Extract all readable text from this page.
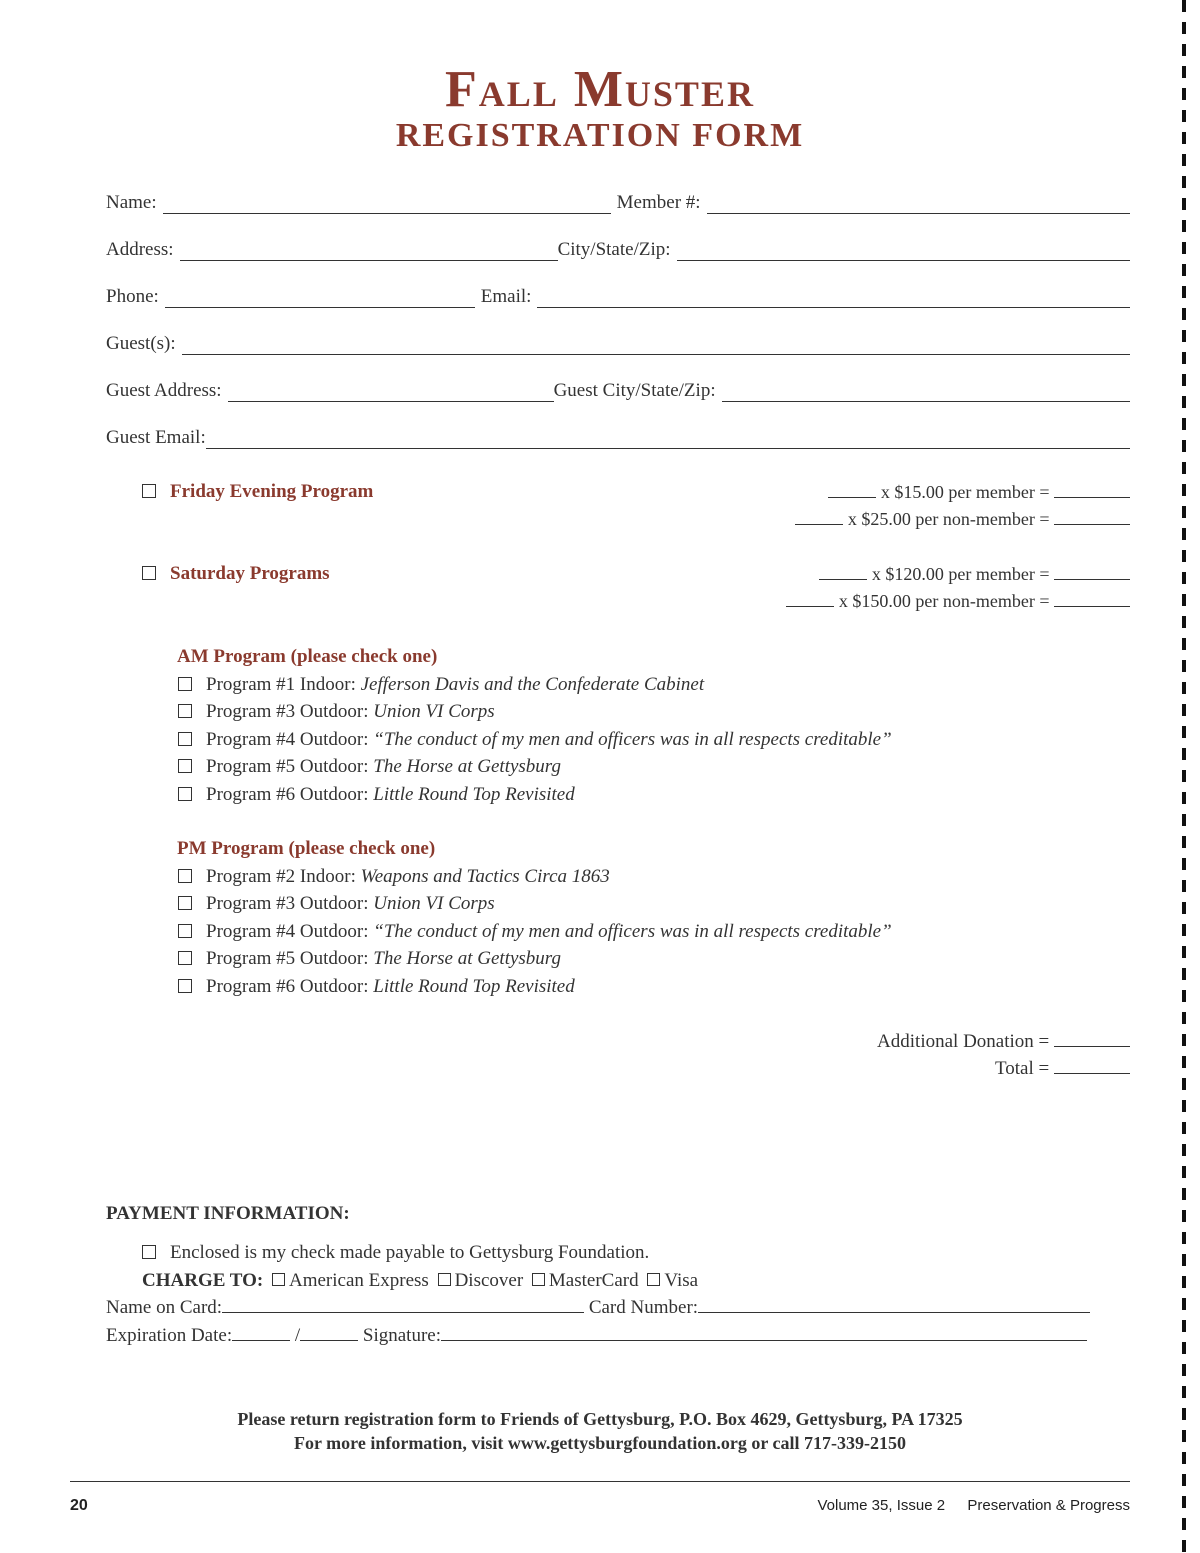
Fall Muster
REGISTRATION FORM
Name:	Member #:
Address:	City/State/Zip:
Phone:	Email:
Guest(s):
Guest Address:	Guest City/State/Zip:
Guest Email:
Friday Evening Program	x $15.00 per member =
x $25.00 per non-member =
Saturday Programs	x $120.00 per member =
x $150.00 per non-member =
AM Program (please check one)
Program #1 Indoor: Jefferson Davis and the Confederate Cabinet
Program #3 Outdoor: Union VI Corps
Program #4 Outdoor: “The conduct of my men and officers was in all respects creditable”
Program #5 Outdoor: The Horse at Gettysburg
Program #6 Outdoor: Little Round Top Revisited
PM Program (please check one)
Program #2 Indoor: Weapons and Tactics Circa 1863
Program #3 Outdoor: Union VI Corps
Program #4 Outdoor: “The conduct of my men and officers was in all respects creditable”
Program #5 Outdoor: The Horse at Gettysburg
Program #6 Outdoor: Little Round Top Revisited
Additional Donation =
Total =
PAYMENT INFORMATION:
Enclosed is my check made payable to Gettysburg Foundation.
CHARGE TO: American Express Discover MasterCard Visa
Name on Card:	Card Number:
Expiration Date:	/	Signature:
Please return registration form to Friends of Gettysburg, P.O. Box 4629, Gettysburg, PA 17325
For more information, visit www.gettysburgfoundation.org or call 717-339-2150
20	Volume 35, Issue 2 Preservation & Progress
